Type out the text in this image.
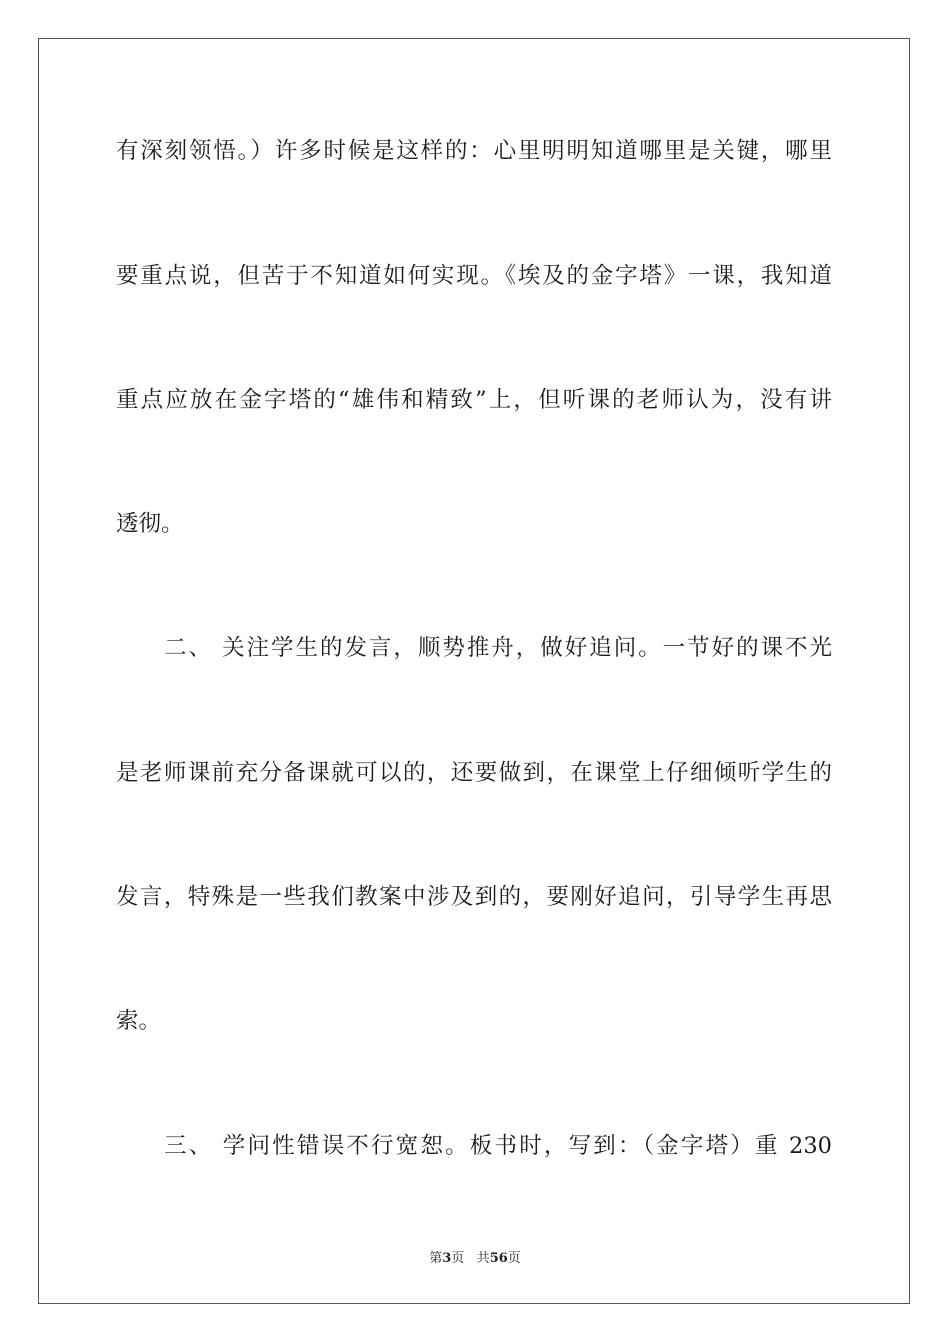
有深刻领悟。）许多时候是这样的：心里明明知道哪里是关键，哪里
要重点说，但苦于不知道如何实现。《埃及的金字塔》一课，我知道
重点应放在金字塔的“雄伟和精致”上，但听课的老师认为，没有讲
透彻。
二、 关注学生的发言，顺势推舟，做好追问。一节好的课不光
是老师课前充分备课就可以的，还要做到，在课堂上仔细倾听学生的
发言，特殊是一些我们教案中涉及到的，要刚好追问，引导学生再思
索。
三、 学问性错误不行宽恕。板书时，写到：（金字塔）重 230
第3页 共56页
